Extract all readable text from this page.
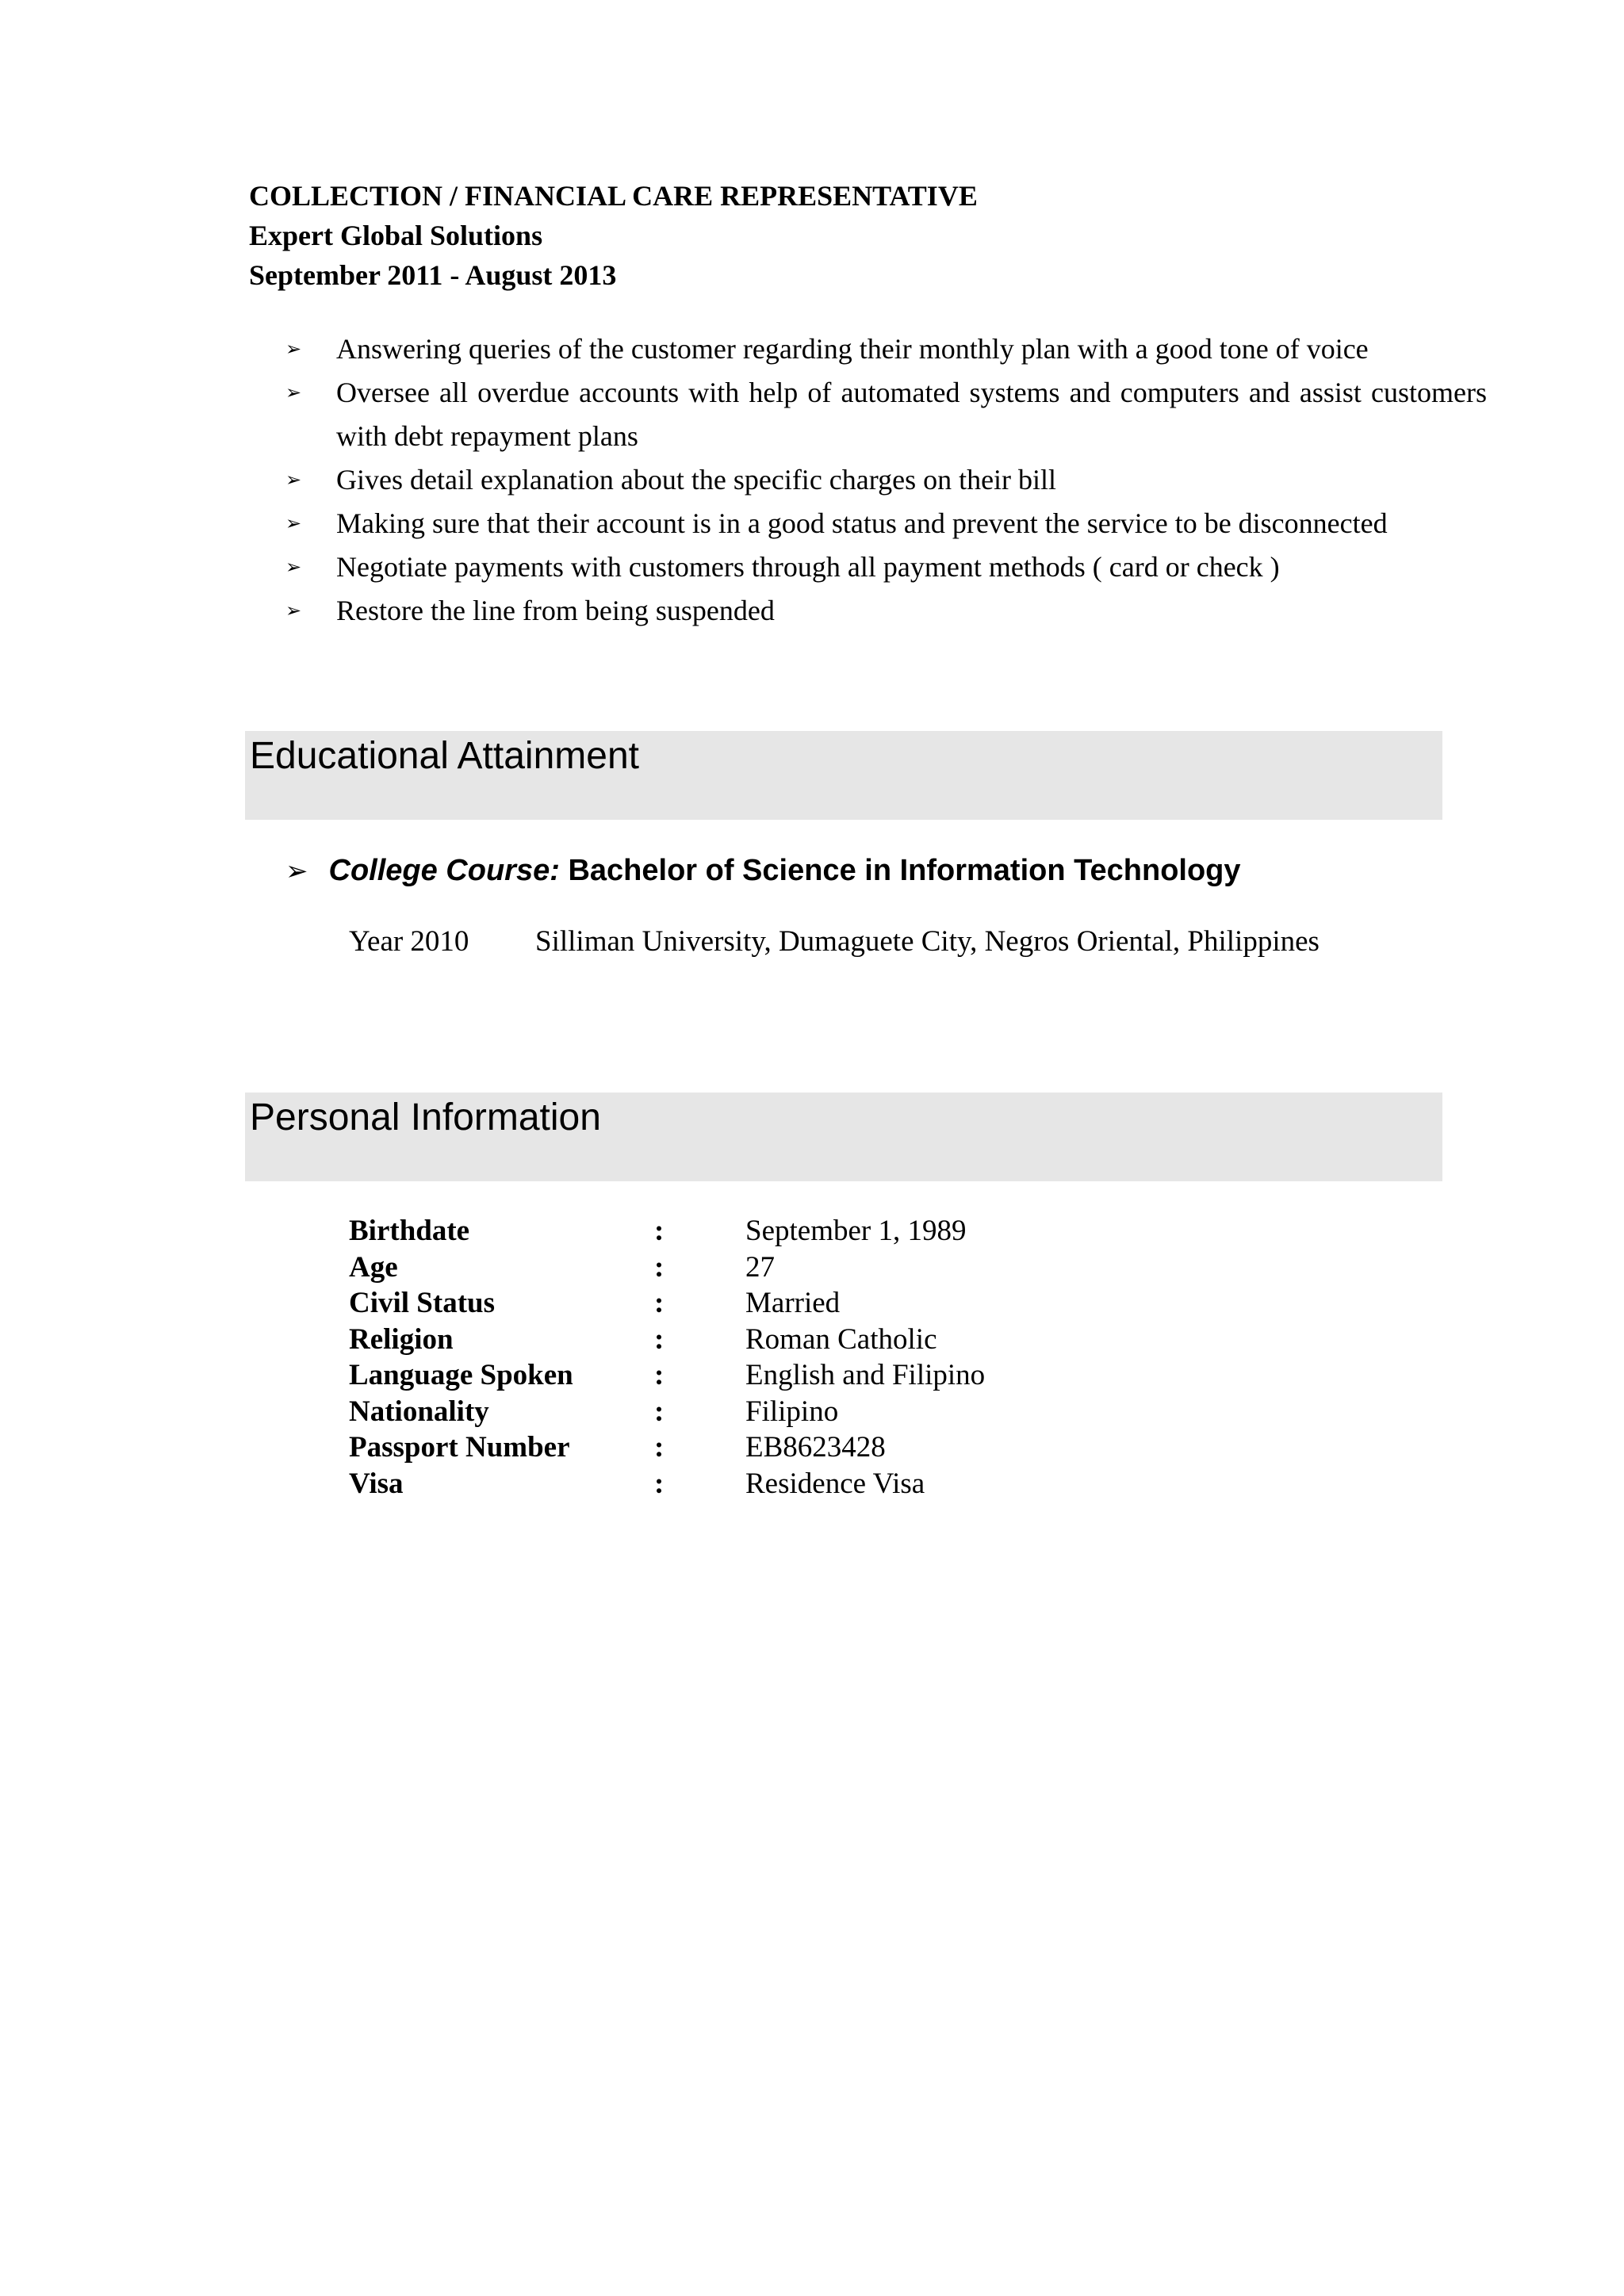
COLLECTION / FINANCIAL CARE REPRESENTATIVE
Expert Global Solutions
September 2011 - August 2013
➢ Answering queries of the customer regarding their monthly plan with a good tone of voice
➢ Oversee all overdue accounts with help of automated systems and computers and assist customers with debt repayment plans
➢ Gives detail explanation about the specific charges on their bill
➢ Making sure that their account is in a good status and prevent the service to be disconnected
➢ Negotiate payments with customers through all payment methods ( card or check )
➢ Restore the line from being suspended
Educational Attainment
➢ College Course: Bachelor of Science in Information Technology
Year 2010 Silliman University, Dumaguete City, Negros Oriental, Philippines
Personal Information
Birthdate	:	September 1, 1989
Age	:	27
Civil Status	:	Married
Religion	:	Roman Catholic
Language Spoken	:	English and Filipino
Nationality	:	Filipino
Passport Number	:	EB8623428
Visa	:	Residence Visa
